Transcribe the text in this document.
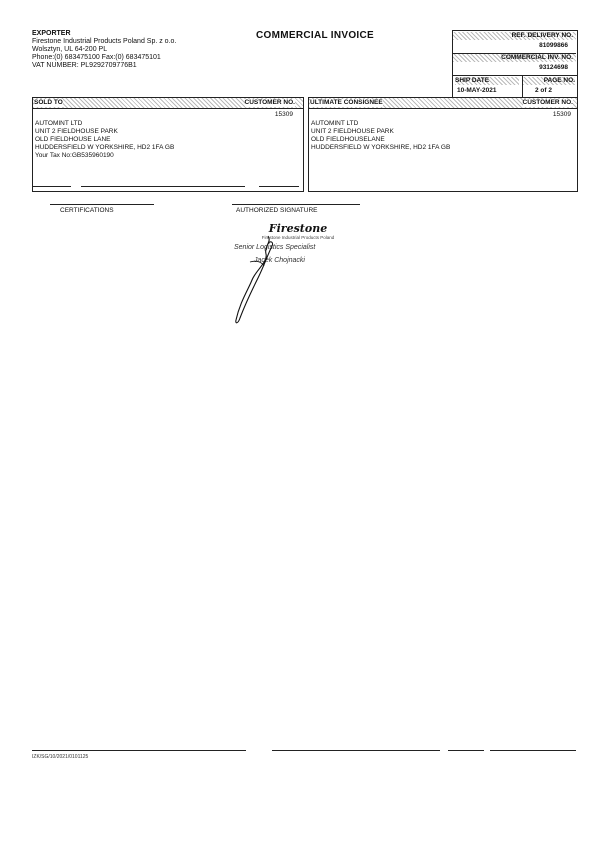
EXPORTER
Firestone Industrial Products Poland Sp. z o.o.
Wolsztyn, UL 64-200 PL
Phone:(0) 683475100 Fax:(0) 683475101
VAT NUMBER: PL9292709776B1
COMMERCIAL INVOICE	REF. DELIVERY NO.
81099866
COMMERCIAL INV. NO.
93124698
SHIP DATE	PAGE NO.
10-MAY-2021	2 of 2
SOLD TO	CUSTOMER NO.
15309
AUTOMINT LTD
UNIT 2 FIELDHOUSE PARK
OLD FIELDHOUSE LANE
HUDDERSFIELD W YORKSHIRE, HD2 1FA GB
Your Tax No:GB535960190
ULTIMATE CONSIGNEE	CUSTOMER NO.
15309
AUTOMINT LTD
UNIT 2 FIELDHOUSE PARK
OLD FIELDHOUSELANE
HUDDERSFIELD W YORKSHIRE, HD2 1FA GB
CERTIFICATIONS	AUTHORIZED SIGNATURE
Firestone
Firestone Industrial Products Poland
Senior Logistics Specialist
Jacek Chojnacki
IZK/SG/10/2021/0101125
